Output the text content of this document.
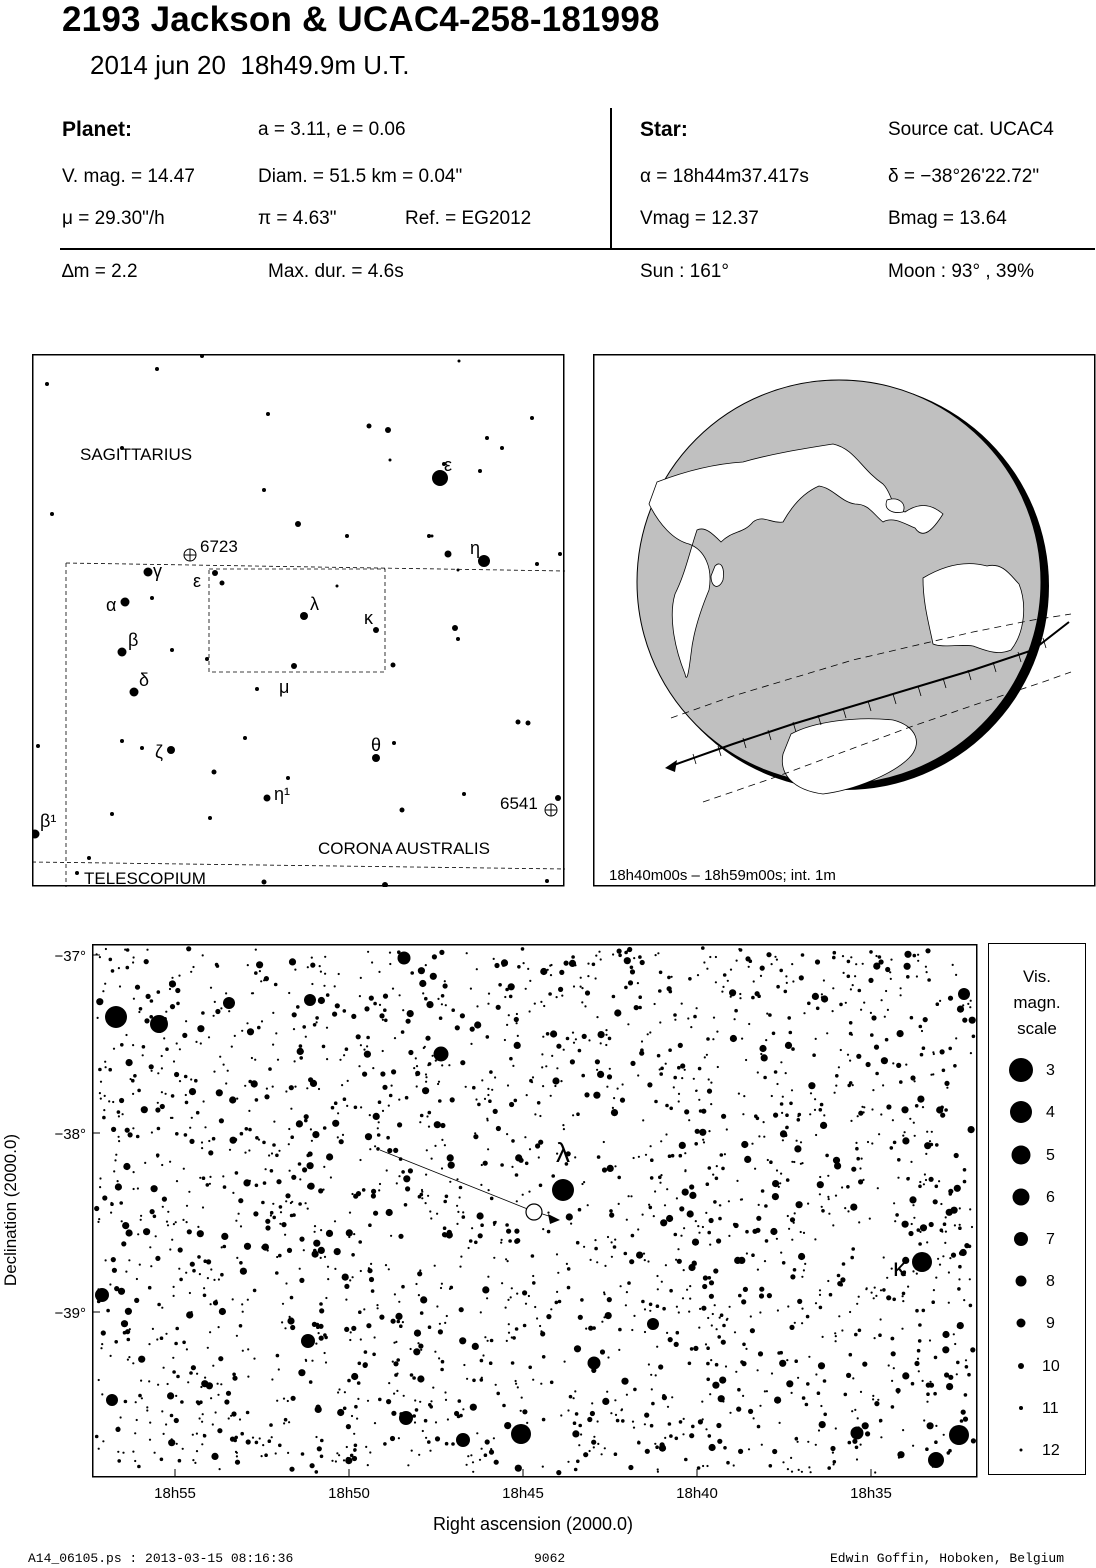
2193 Jackson & UCAC4-258-181998
2014 jun 20 18h49.9m U.T.
Planet:	a = 3.11, e = 0.06
V. mag. = 14.47	Diam. = 51.5 km = 0.04"
μ = 29.30"/h	π = 4.63"	Ref. = EG2012
Star:	Source cat. UCAC4
α = 18h44m37.417s	δ = −38°26'22.72"
Vmag = 12.37	Bmag = 13.64
∆m = 2.2	Max. dur. = 4.6s	Sun : 161°	Moon : 93° , 39%
SAGITTARIUS
CORONA AUSTRALIS
TELESCOPIUM
ε
η
γ ε
α
β
δ
λ
κ
μ
ζ	θ
η¹
β¹
6723
6541
18h40m00s – 18h59m00s; int. 1m
−37°
−38°
−39°
18h55	18h50	18h45	18h40	18h35
Right ascension (2000.0)
Declination (2000.0)	λ
κ
Vis.
magn.
scale
3
4
5
6
7
8
9
10
11
12
A14_06105.ps : 2013-03-15 08:16:36	9062	Edwin Goffin, Hoboken, Belgium
